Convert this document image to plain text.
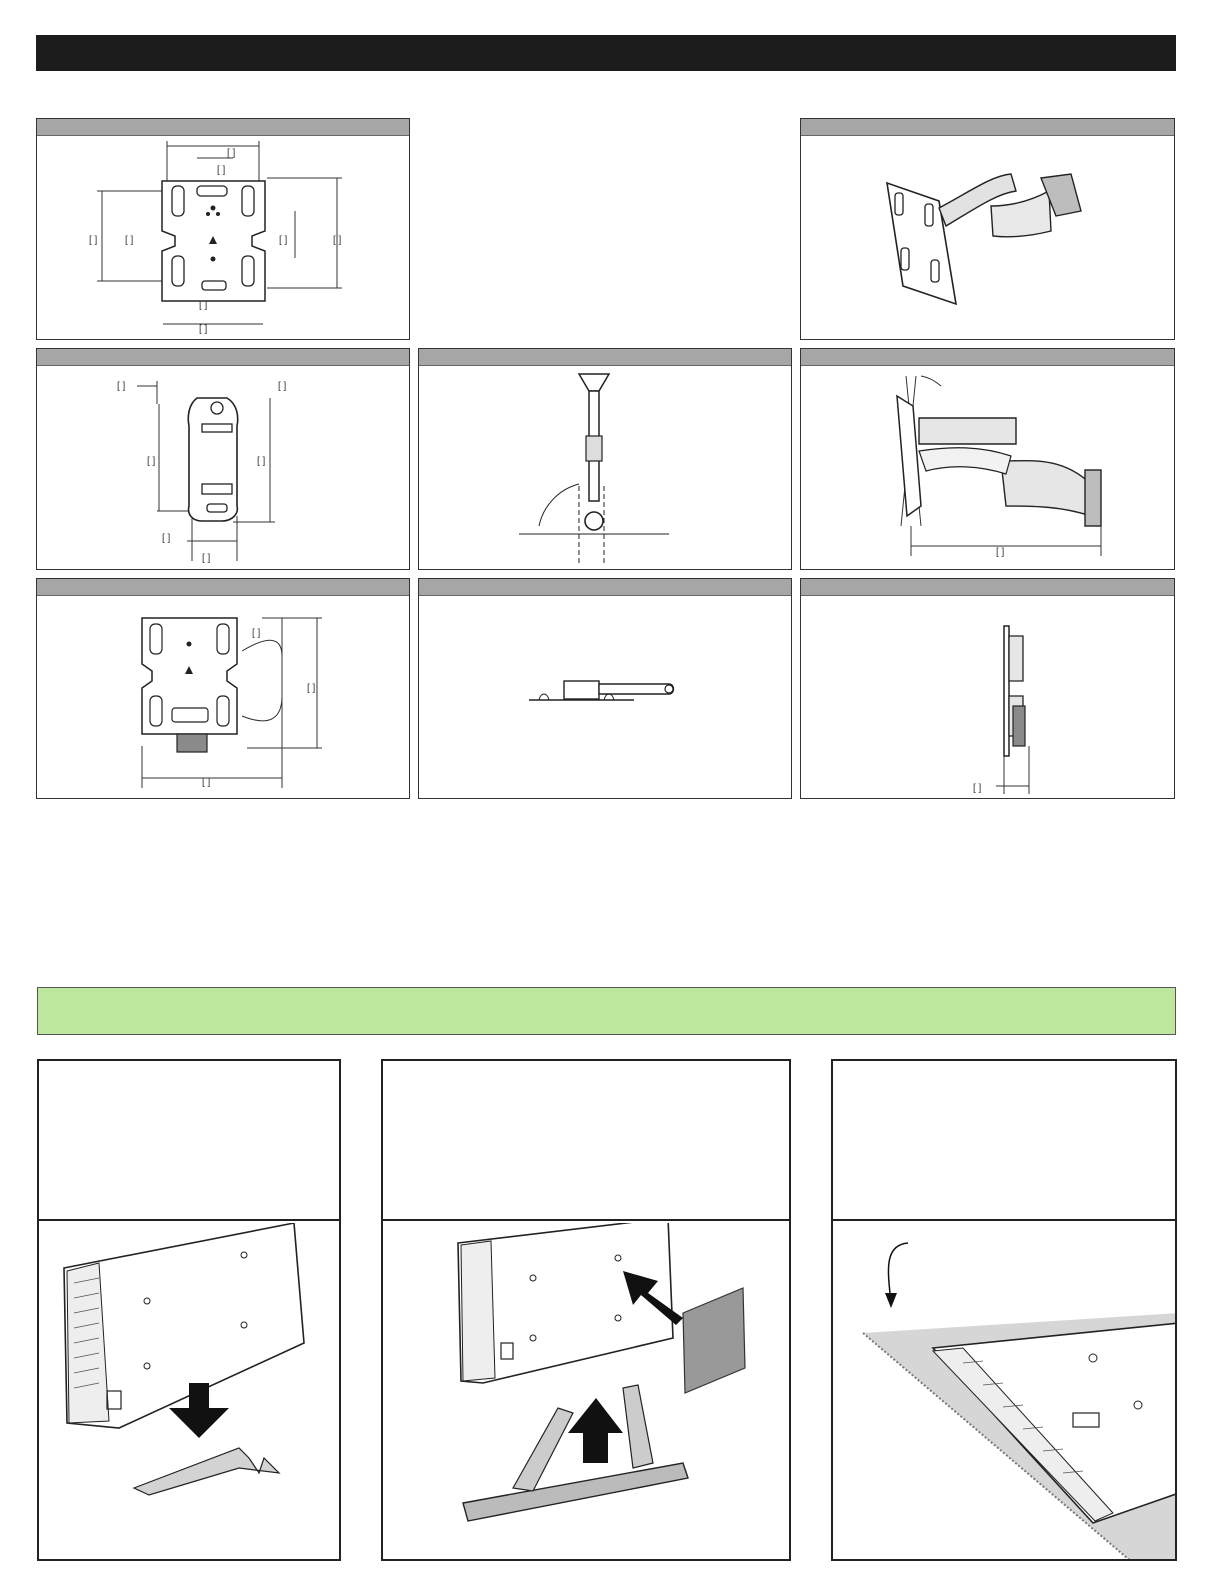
[ ]
[ ]
[ ]	[ ]	[ ]	[ ]
[ ]
[ ]
[ ]	[ ]
[ ]	[ ]
[ ]
[ ]
[ ]
[ ]
[ ]
[ ]
[ ]
